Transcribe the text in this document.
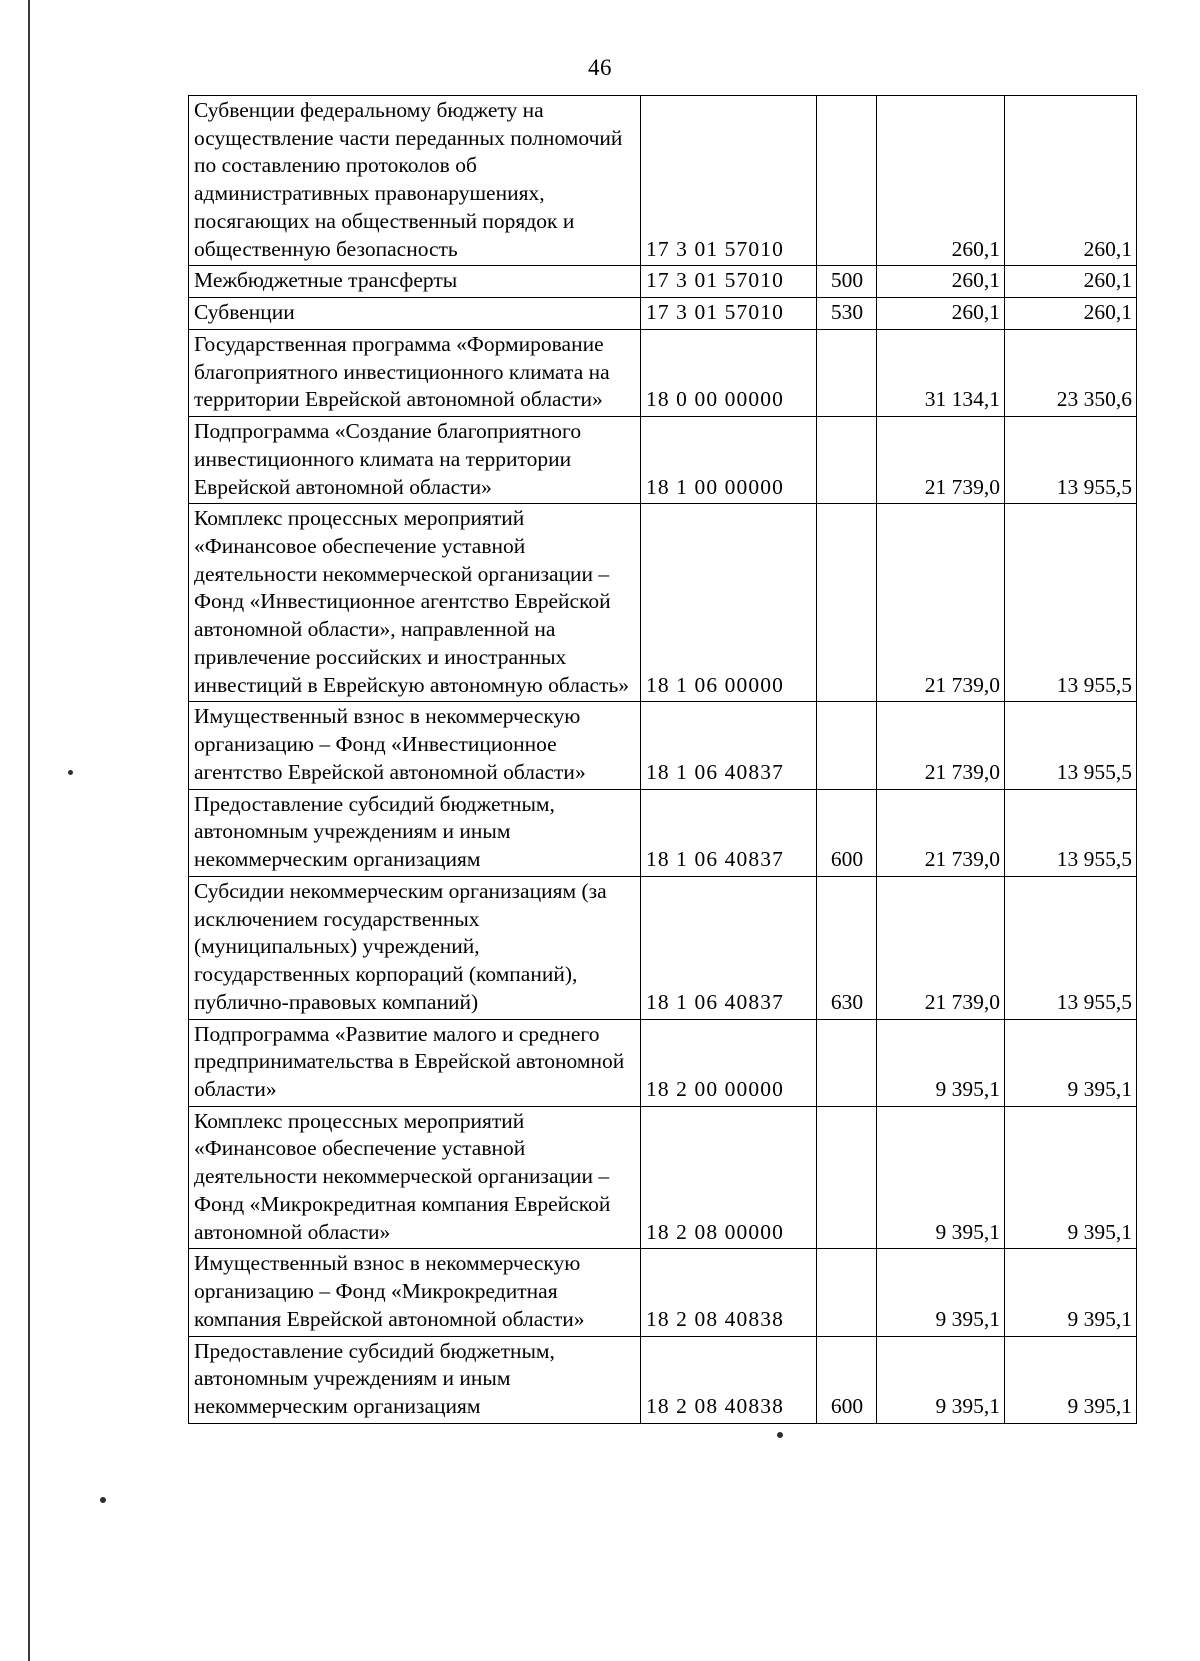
46
Субвенции федеральному бюджету на осуществление части переданных полномочий по составлению протоколов об административных правонарушениях, посягающих на общественный порядок и общественную безопасность	17 3 01 57010		260,1	260,1
Межбюджетные трансферты	17 3 01 57010	500	260,1	260,1
Субвенции	17 3 01 57010	530	260,1	260,1
Государственная программа «Формирование благоприятного инвестиционного климата на территории Еврейской автономной области»	18 0 00 00000		31 134,1	23 350,6
Подпрограмма «Создание благоприятного инвестиционного климата на территории Еврейской автономной области»	18 1 00 00000		21 739,0	13 955,5
Комплекс процессных мероприятий «Финансовое обеспечение уставной деятельности некоммерческой организации – Фонд «Инвестиционное агентство Еврейской автономной области», направленной на привлечение российских и иностранных инвестиций в Еврейскую автономную область»	18 1 06 00000		21 739,0	13 955,5
Имущественный взнос в некоммерческую организацию – Фонд «Инвестиционное агентство Еврейской автономной области»	18 1 06 40837		21 739,0	13 955,5
Предоставление субсидий бюджетным, автономным учреждениям и иным некоммерческим организациям	18 1 06 40837	600	21 739,0	13 955,5
Субсидии некоммерческим организациям (за исключением государственных (муниципальных) учреждений, государственных корпораций (компаний), публично-правовых компаний)	18 1 06 40837	630	21 739,0	13 955,5
Подпрограмма «Развитие малого и среднего предпринимательства в Еврейской автономной области»	18 2 00 00000		9 395,1	9 395,1
Комплекс процессных мероприятий «Финансовое обеспечение уставной деятельности некоммерческой организации – Фонд «Микрокредитная компания Еврейской автономной области»	18 2 08 00000		9 395,1	9 395,1
Имущественный взнос в некоммерческую организацию – Фонд «Микрокредитная компания Еврейской автономной области»	18 2 08 40838		9 395,1	9 395,1
Предоставление субсидий бюджетным, автономным учреждениям и иным некоммерческим организациям	18 2 08 40838	600	9 395,1	9 395,1
